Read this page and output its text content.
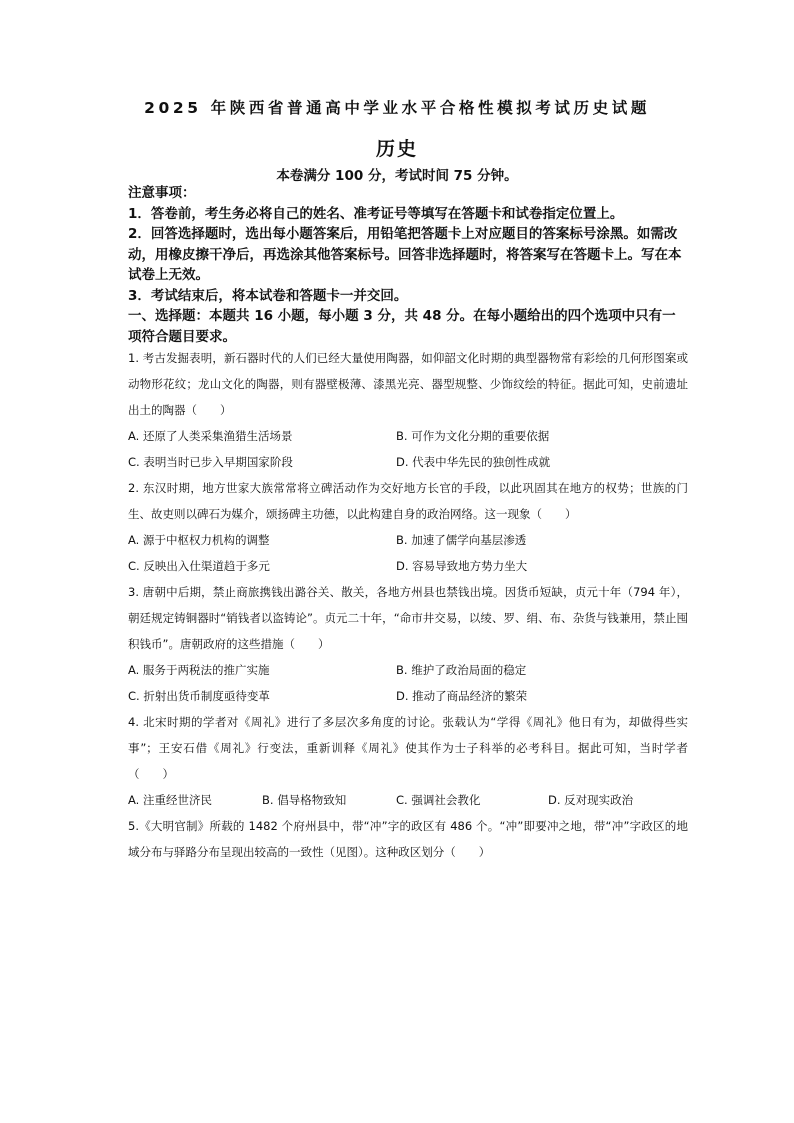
2025 年陕西省普通高中学业水平合格性模拟考试历史试题
历史
本卷满分 100 分，考试时间 75 分钟。

注意事项：

1．答卷前，考生务必将自己的姓名、准考证号等填写在答题卡和试卷指定位置上。

2．回答选择题时，选出每小题答案后，用铅笔把答题卡上对应题目的答案标号涂黑。如需改动，用橡皮擦干净后，再选涂其他答案标号。回答非选择题时，将答案写在答题卡上。写在本试卷上无效。

3．考试结束后，将本试卷和答题卡一并交回。

一、选择题：本题共 16 小题，每小题 3 分，共 48 分。在每小题给出的四个选项中只有一项符合题目要求。

1. 考古发掘表明，新石器时代的人们已经大量使用陶器，如仰韶文化时期的典型器物常有彩绘的几何形图案或动物形花纹；龙山文化的陶器，则有器壁极薄、漆黑光亮、器型规整、少饰纹绘的特征。据此可知，史前遗址出土的陶器（　　）

A. 还原了人类采集渔猎生活场景	B. 可作为文化分期的重要依据
C. 表明当时已步入早期国家阶段	D. 代表中华先民的独创性成就

2. 东汉时期，地方世家大族常常将立碑活动作为交好地方长官的手段，以此巩固其在地方的权势；世族的门生、故吏则以碑石为媒介，颂扬碑主功德，以此构建自身的政治网络。这一现象（　　）

A. 源于中枢权力机构的调整	B. 加速了儒学向基层渗透
C. 反映出入仕渠道趋于多元	D. 容易导致地方势力坐大

3. 唐朝中后期，禁止商旅携钱出潞谷关、散关，各地方州县也禁钱出境。因货币短缺，贞元十年（794 年），朝廷规定铸铜器时“销钱者以盗铸论”。贞元二十年，“命市井交易，以绫、罗、绢、布、杂货与钱兼用，禁止囤积钱币”。唐朝政府的这些措施（　　）

A. 服务于两税法的推广实施	B. 维护了政治局面的稳定
C. 折射出货币制度亟待变革	D. 推动了商品经济的繁荣

4. 北宋时期的学者对《周礼》进行了多层次多角度的讨论。张载认为“学得《周礼》他日有为，却做得些实事”；王安石借《周礼》行变法，重新训释《周礼》使其作为士子科举的必考科目。据此可知，当时学者（　　）

A. 注重经世济民	B. 倡导格物致知	C. 强调社会教化	D. 反对现实政治

5.《大明官制》所载的 1482 个府州县中，带“冲”字的政区有 486 个。“冲”即要冲之地，带“冲”字政区的地域分布与驿路分布呈现出较高的一致性（见图）。这种政区划分（　　）
